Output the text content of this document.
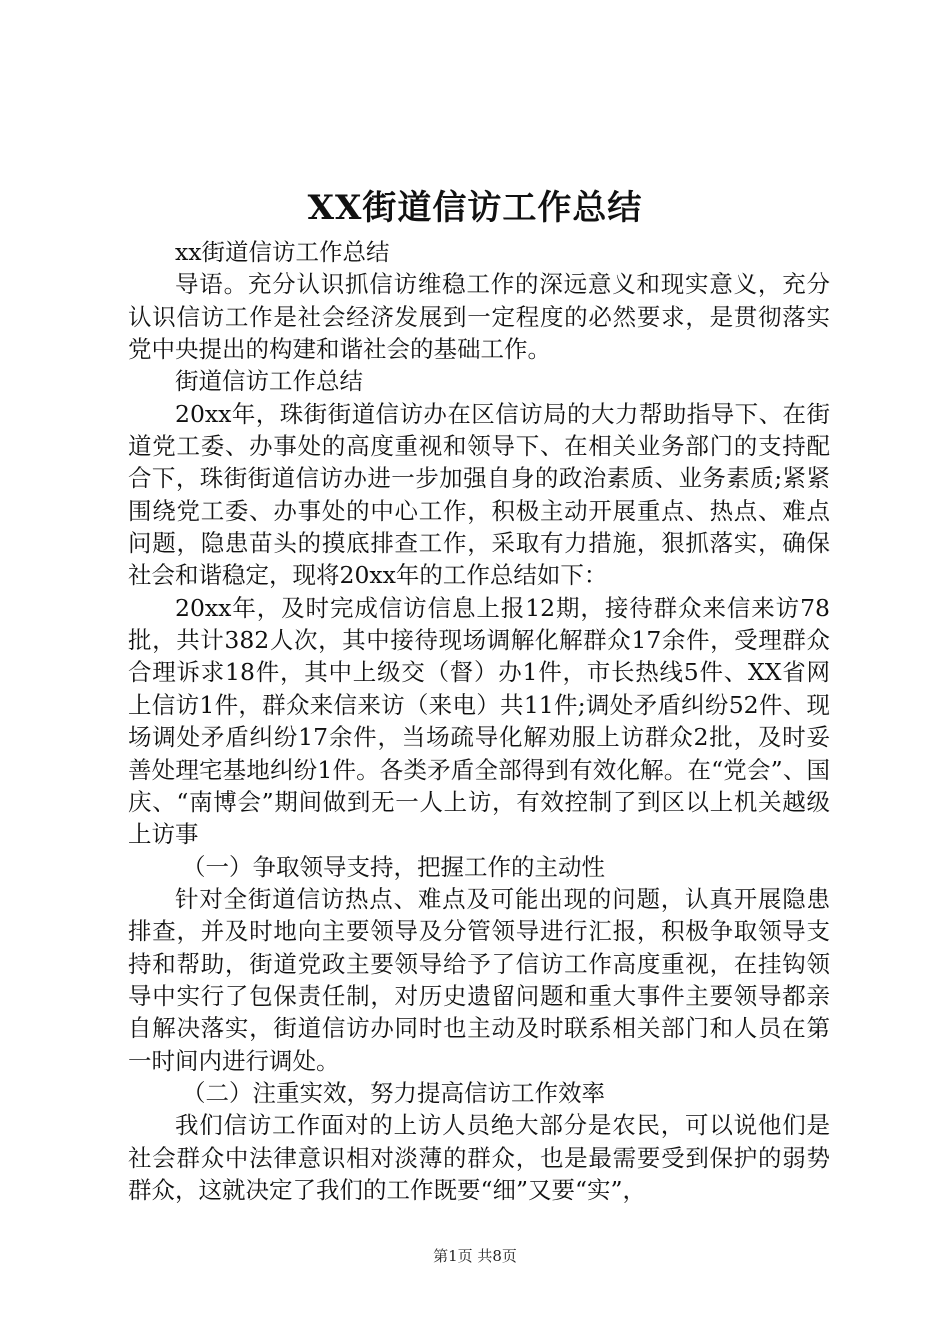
XX街道信访工作总结

xx街道信访工作总结

导语。充分认识抓信访维稳工作的深远意义和现实意义，充分认识信访工作是社会经济发展到一定程度的必然要求，是贯彻落实党中央提出的构建和谐社会的基础工作。

街道信访工作总结

20xx年，珠街街道信访办在区信访局的大力帮助指导下、在街道党工委、办事处的高度重视和领导下、在相关业务部门的支持配合下，珠街街道信访办进一步加强自身的政治素质、业务素质;紧紧围绕党工委、办事处的中心工作，积极主动开展重点、热点、难点问题，隐患苗头的摸底排查工作，采取有力措施，狠抓落实，确保社会和谐稳定，现将20xx年的工作总结如下：

20xx年，及时完成信访信息上报12期，接待群众来信来访78批，共计382人次，其中接待现场调解化解群众17余件，受理群众合理诉求18件，其中上级交（督）办1件，市长热线5件、XX省网上信访1件，群众来信来访（来电）共11件;调处矛盾纠纷52件、现场调处矛盾纠纷17余件，当场疏导化解劝服上访群众2批，及时妥善处理宅基地纠纷1件。各类矛盾全部得到有效化解。在“党会”、国庆、“南博会”期间做到无一人上访，有效控制了到区以上机关越级上访事

（一）争取领导支持，把握工作的主动性

针对全街道信访热点、难点及可能出现的问题，认真开展隐患排查，并及时地向主要领导及分管领导进行汇报，积极争取领导支持和帮助，街道党政主要领导给予了信访工作高度重视，在挂钩领导中实行了包保责任制，对历史遗留问题和重大事件主要领导都亲自解决落实，街道信访办同时也主动及时联系相关部门和人员在第一时间内进行调处。

（二）注重实效，努力提高信访工作效率

我们信访工作面对的上访人员绝大部分是农民，可以说他们是社会群众中法律意识相对淡薄的群众，也是最需要受到保护的弱势群众，这就决定了我们的工作既要“细”又要“实”，

第1页 共8页
